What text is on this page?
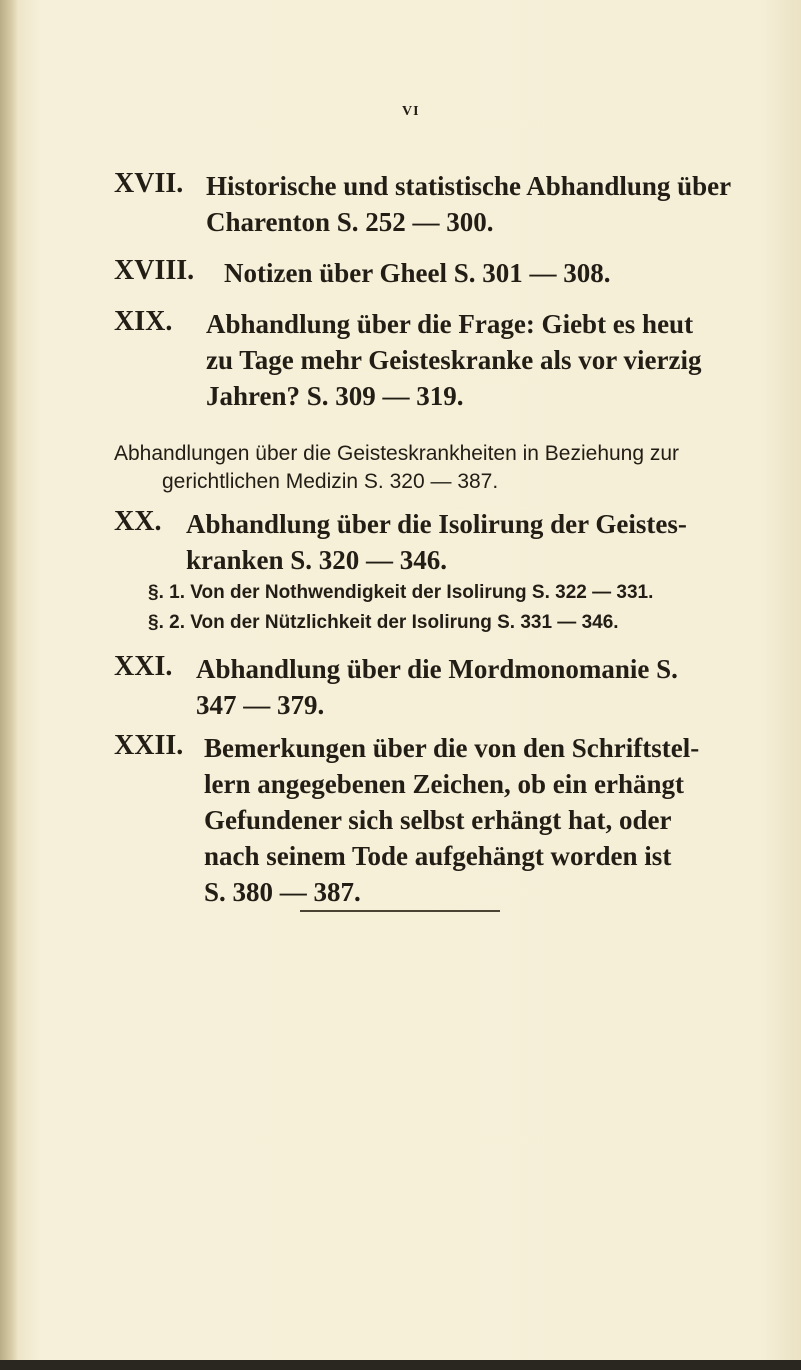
VI
XVII. Historische und statistische Abhandlung über
Charenton S. 252 — 300.
XVIII. Notizen über Gheel S. 301 — 308.
XIX. Abhandlung über die Frage: Giebt es heut
zu Tage mehr Geisteskranke als vor vierzig
Jahren? S. 309 — 319.
Abhandlungen über die Geisteskrankheiten in Beziehung zur
gerichtlichen Medizin S. 320 — 387.
XX. Abhandlung über die Isolirung der Geistes-
kranken S. 320 — 346.
§. 1. Von der Nothwendigkeit der Isolirung S. 322 — 331.
§. 2. Von der Nützlichkeit der Isolirung S. 331 — 346.
XXI. Abhandlung über die Mordmonomanie S.
347 — 379.
XXII. Bemerkungen über die von den Schriftstel-
lern angegebenen Zeichen, ob ein erhängt
Gefundener sich selbst erhängt hat, oder
nach seinem Tode aufgehängt worden ist
S. 380 — 387.
